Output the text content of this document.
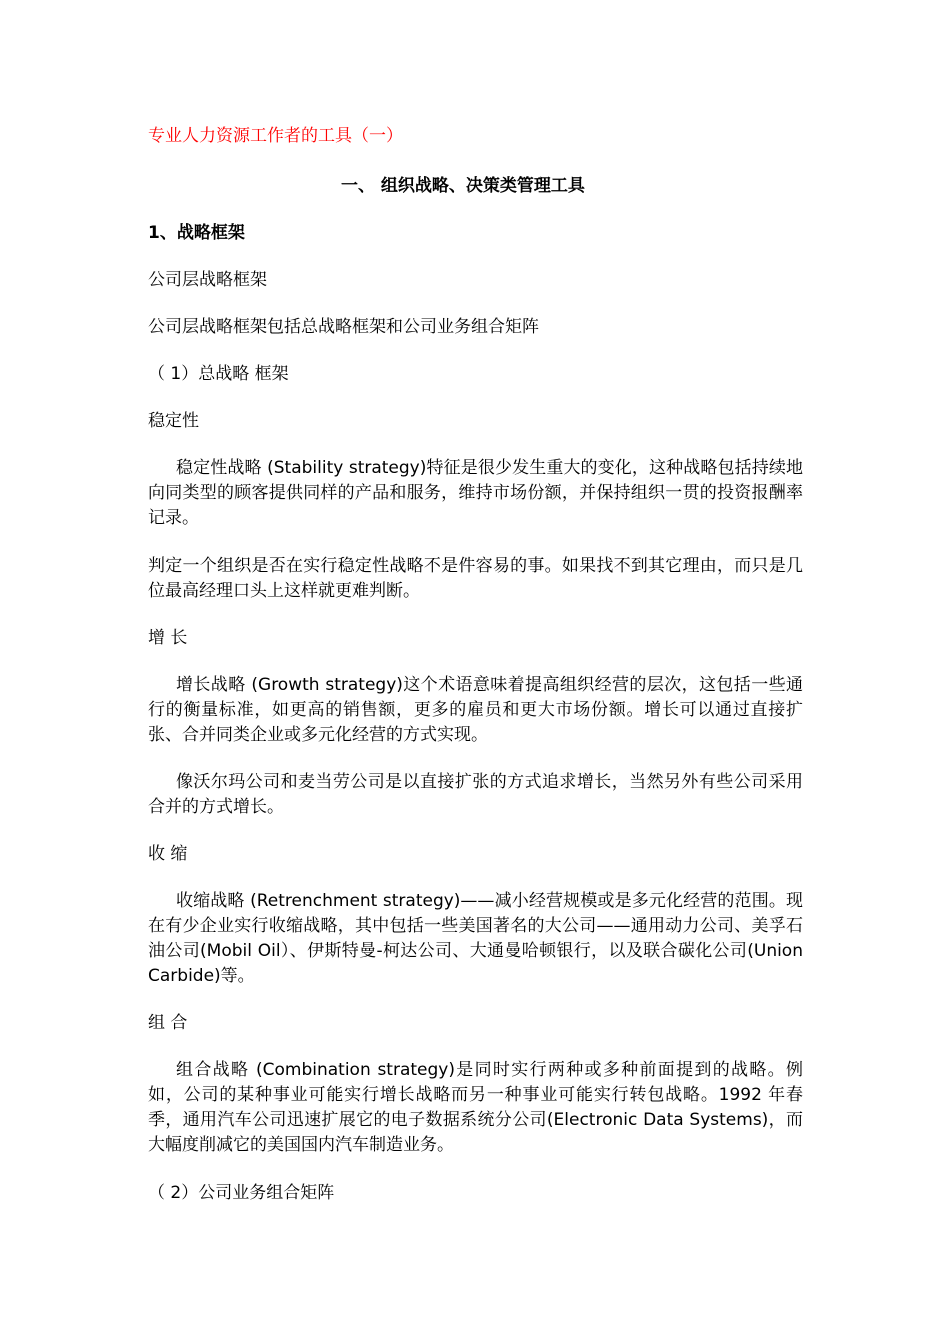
专业人力资源工作者的工具（一）
一、 组织战略、决策类管理工具
1、战略框架
公司层战略框架
公司层战略框架包括总战略框架和公司业务组合矩阵
（ 1）总战略 框架
稳定性
稳定性战略 (Stability strategy)特征是很少发生重大的变化，这种战略包括持续地向同类型的顾客提供同样的产品和服务，维持市场份额，并保持组织一贯的投资报酬率记录。
判定一个组织是否在实行稳定性战略不是件容易的事。如果找不到其它理由，而只是几位最高经理口头上这样就更难判断。
增 长
增长战略 (Growth strategy)这个术语意味着提高组织经营的层次，这包括一些通行的衡量标准，如更高的销售额，更多的雇员和更大市场份额。增长可以通过直接扩张、合并同类企业或多元化经营的方式实现。
像沃尔玛公司和麦当劳公司是以直接扩张的方式追求增长，当然另外有些公司采用合并的方式增长。
收 缩
收缩战略 (Retrenchment strategy)——减小经营规模或是多元化经营的范围。现在有少企业实行收缩战略，其中包括一些美国著名的大公司——通用动力公司、美孚石油公司(Mobil Oil）、伊斯特曼-柯达公司、大通曼哈顿银行，以及联合碳化公司(Union Carbide)等。
组 合
组合战略 (Combination strategy)是同时实行两种或多种前面提到的战略。例如，公司的某种事业可能实行增长战略而另一种事业可能实行转包战略。1992 年春季，通用汽车公司迅速扩展它的电子数据系统分公司(Electronic Data Systems)，而大幅度削减它的美国国内汽车制造业务。
（ 2）公司业务组合矩阵
